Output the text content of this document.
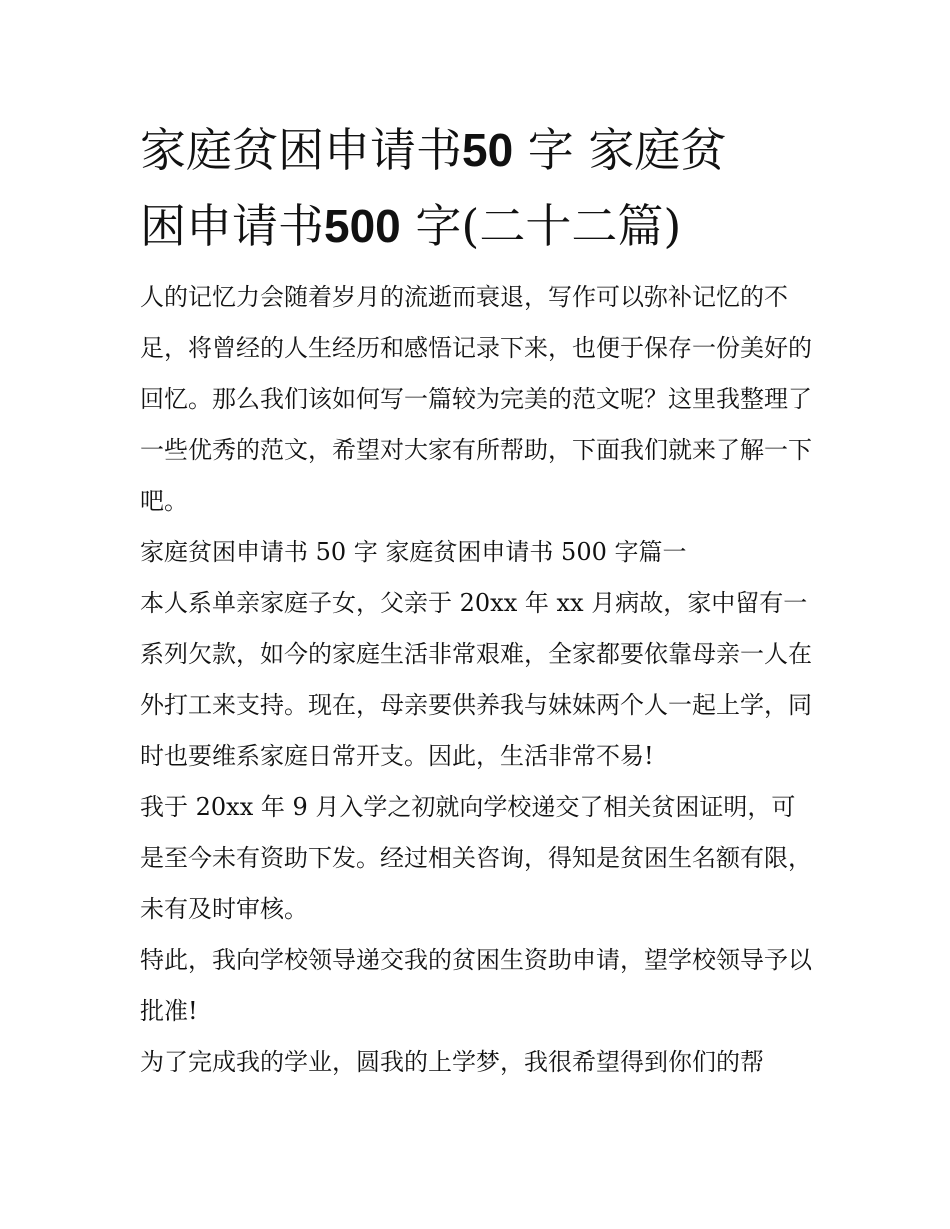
家庭贫困申请书50 字 家庭贫
困申请书500 字(二十二篇)

人的记忆力会随着岁月的流逝而衰退，写作可以弥补记忆的不足，将曾经的人生经历和感悟记录下来，也便于保存一份美好的回忆。那么我们该如何写一篇较为完美的范文呢？这里我整理了一些优秀的范文，希望对大家有所帮助，下面我们就来了解一下吧。

家庭贫困申请书 50 字 家庭贫困申请书 500 字篇一

本人系单亲家庭子女，父亲于 20xx 年 xx 月病故，家中留有一系列欠款，如今的家庭生活非常艰难，全家都要依靠母亲一人在外打工来支持。现在，母亲要供养我与妹妹两个人一起上学，同时也要维系家庭日常开支。因此，生活非常不易!

我于 20xx 年 9 月入学之初就向学校递交了相关贫困证明，可是至今未有资助下发。经过相关咨询，得知是贫困生名额有限，未有及时审核。

特此，我向学校领导递交我的贫困生资助申请，望学校领导予以批准!

为了完成我的学业，圆我的上学梦，我很希望得到你们的帮
